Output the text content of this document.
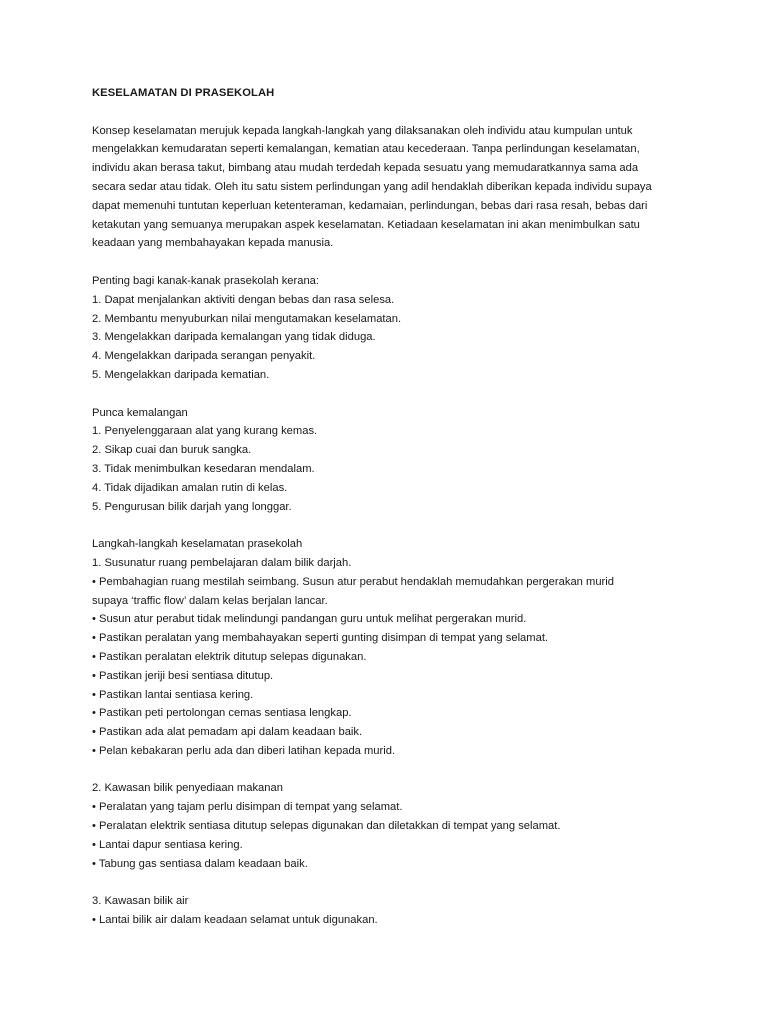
KESELAMATAN DI PRASEKOLAH
Konsep keselamatan merujuk kepada langkah-langkah yang dilaksanakan oleh individu atau kumpulan untuk
mengelakkan kemudaratan seperti kemalangan, kematian atau kecederaan. Tanpa perlindungan keselamatan,
individu akan berasa takut, bimbang atau mudah terdedah kepada sesuatu yang memudaratkannya sama ada
secara sedar atau tidak. Oleh itu satu sistem perlindungan yang adil hendaklah diberikan kepada individu supaya
dapat memenuhi tuntutan keperluan ketenteraman, kedamaian, perlindungan, bebas dari rasa resah, bebas dari
ketakutan yang semuanya merupakan aspek keselamatan. Ketiadaan keselamatan ini akan menimbulkan satu
keadaan yang membahayakan kepada manusia.
Penting bagi kanak-kanak prasekolah kerana:
1. Dapat menjalankan aktiviti dengan bebas dan rasa selesa.
2. Membantu menyuburkan nilai mengutamakan keselamatan.
3. Mengelakkan daripada kemalangan yang tidak diduga.
4. Mengelakkan daripada serangan penyakit.
5. Mengelakkan daripada kematian.
Punca kemalangan
1. Penyelenggaraan alat yang kurang kemas.
2. Sikap cuai dan buruk sangka.
3. Tidak menimbulkan kesedaran mendalam.
4. Tidak dijadikan amalan rutin di kelas.
5. Pengurusan bilik darjah yang longgar.
Langkah-langkah keselamatan prasekolah
1. Susunatur ruang pembelajaran dalam bilik darjah.
• Pembahagian ruang mestilah seimbang. Susun atur perabut hendaklah memudahkan pergerakan murid
supaya ‘traffic flow’ dalam kelas berjalan lancar.
• Susun atur perabut tidak melindungi pandangan guru untuk melihat pergerakan murid.
• Pastikan peralatan yang membahayakan seperti gunting disimpan di tempat yang selamat.
• Pastikan peralatan elektrik ditutup selepas digunakan.
• Pastikan jeriji besi sentiasa ditutup.
• Pastikan lantai sentiasa kering.
• Pastikan peti pertolongan cemas sentiasa lengkap.
• Pastikan ada alat pemadam api dalam keadaan baik.
• Pelan kebakaran perlu ada dan diberi latihan kepada murid.
2. Kawasan bilik penyediaan makanan
• Peralatan yang tajam perlu disimpan di tempat yang selamat.
• Peralatan elektrik sentiasa ditutup selepas digunakan dan diletakkan di tempat yang selamat.
• Lantai dapur sentiasa kering.
• Tabung gas sentiasa dalam keadaan baik.
3. Kawasan bilik air
• Lantai bilik air dalam keadaan selamat untuk digunakan.
